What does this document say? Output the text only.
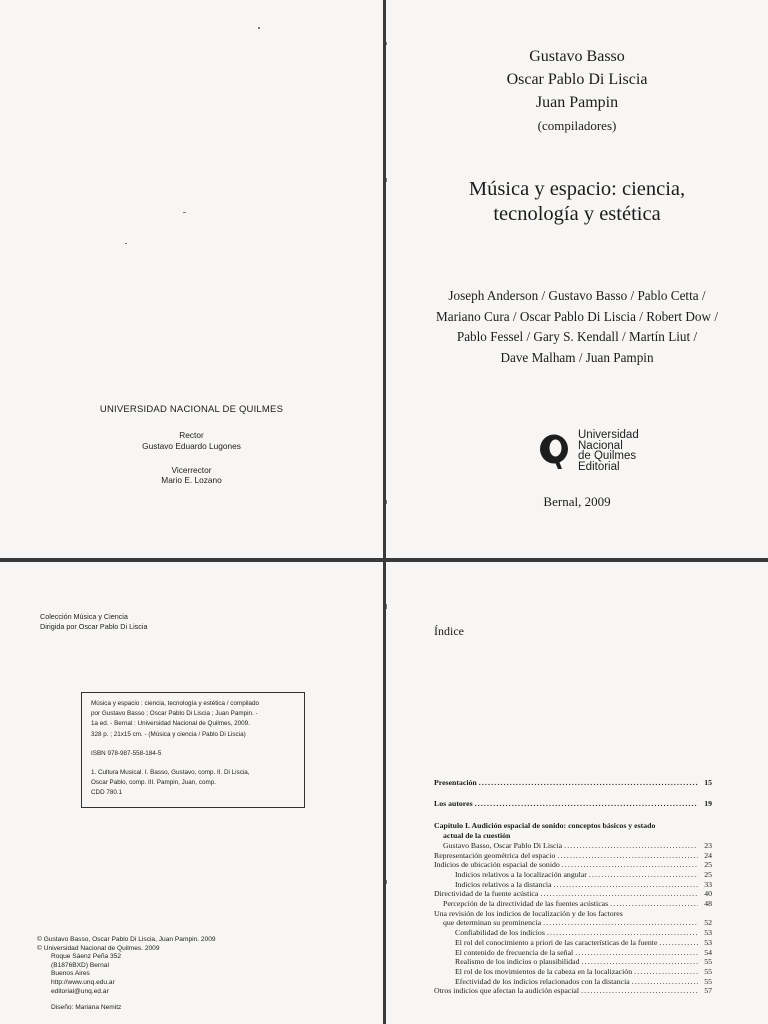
UNIVERSIDAD NACIONAL DE QUILMES
Rector
Gustavo Eduardo Lugones
Vicerrector
Mario E. Lozano
Gustavo Basso
Oscar Pablo Di Liscia
Juan Pampin
(compiladores)
Música y espacio: ciencia,
tecnología y estética
Joseph Anderson / Gustavo Basso / Pablo Cetta /
Mariano Cura / Oscar Pablo Di Liscia / Robert Dow /
Pablo Fessel / Gary S. Kendall / Martín Liut /
Dave Malham / Juan Pampin
Universidad
Nacional
de Quilmes
Editorial
Bernal, 2009
Colección Música y Ciencia
Dirigida por Oscar Pablo Di Liscia
Música y espacio : ciencia, tecnología y estética / compilado
por Gustavo Basso ; Oscar Pablo Di Liscia ; Juan Pampin. -
1a ed. - Bernal : Universidad Nacional de Quilmes, 2009.
328 p. ; 21x15 cm. - (Música y ciencia / Pablo Di Liscia)
ISBN 978-987-558-184-5
1. Cultura Musical. I. Basso, Gustavo, comp. II. Di Liscia,
Oscar Pablo, comp. III. Pampin, Juan, comp.
CDD 780.1
© Gustavo Basso, Oscar Pablo Di Liscia, Juan Pampin. 2009
© Universidad Nacional de Quilmes. 2009
Roque Sáenz Peña 352
(B1876BXD) Bernal
Buenos Aires
http://www.unq.edu.ar
editorial@unq.ed.ar
Diseño: Mariana Nemitz
Índice
Presentación . . .	15
Los autores . . .	19
Capítulo I. Audición espacial de sonido: conceptos básicos y estado
actual de la cuestión
Gustavo Basso, Oscar Pablo Di Liscia . . .	23
Representación geométrica del espacio . . .	24
Indicios de ubicación espacial de sonido . . .	25
Indicios relativos a la localización angular . . .	25
Indicios relativos a la distancia . . .	33
Directividad de la fuente acústica . . .	40
Percepción de la directividad de las fuentes acústicas . . .	48
Una revisión de los indicios de localización y de los factores
que determinan su prominencia . . .	52
Confiabilidad de los indicios . . .	53
El rol del conocimiento a priori de las características de la fuente . . .	53
El contenido de frecuencia de la señal . . .	54
Realismo de los indicios o plausibilidad . . .	55
El rol de los movimientos de la cabeza en la localización . . .	55
Efectividad de los indicios relacionados con la distancia . . .	55
Otros indicios que afectan la audición espacial . . .	57
